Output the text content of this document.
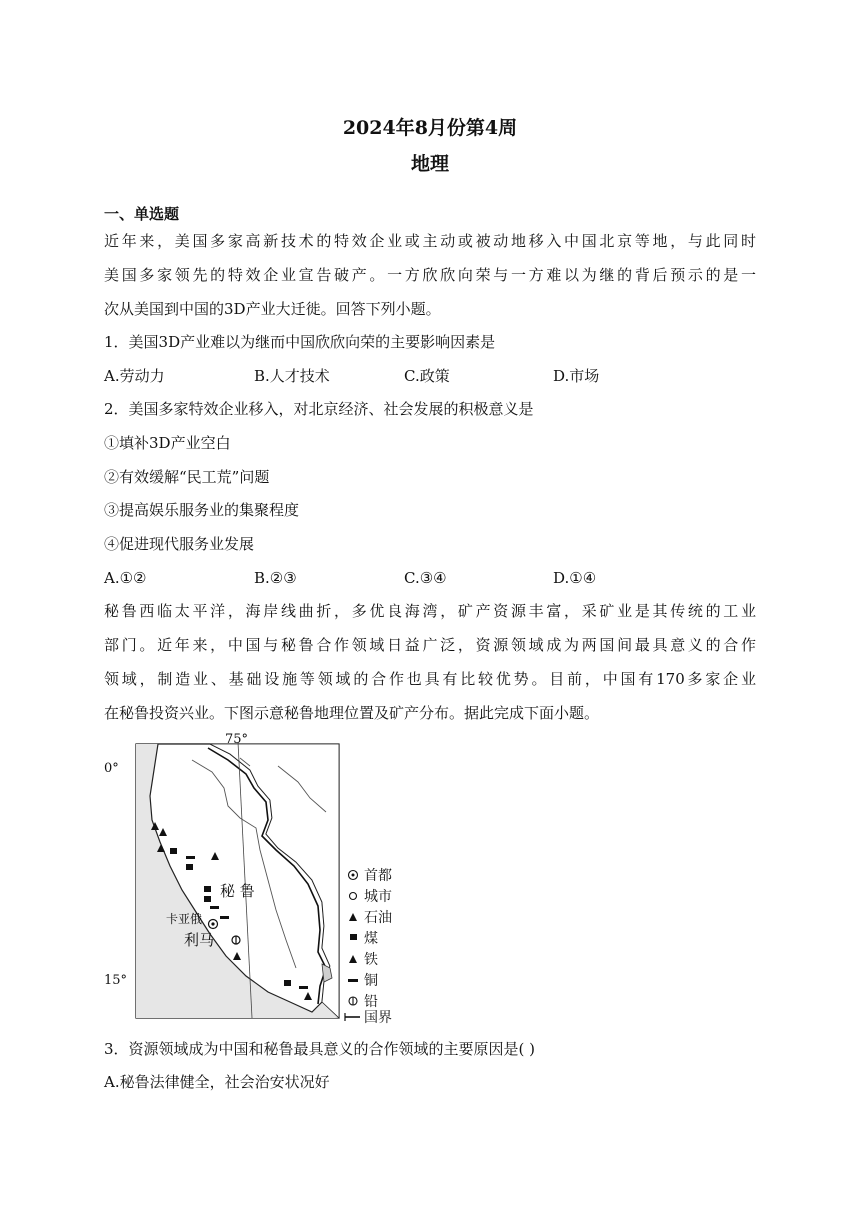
2024年8月份第4周
地理
一、单选题
近年来，美国多家高新技术的特效企业或主动或被动地移入中国北京等地，与此同时
美国多家领先的特效企业宣告破产。一方欣欣向荣与一方难以为继的背后预示的是一
次从美国到中国的3D产业大迁徙。回答下列小题。
1．美国3D产业难以为继而中国欣欣向荣的主要影响因素是
A.劳动力	B.人才技术	C.政策	D.市场
2．美国多家特效企业移入，对北京经济、社会发展的积极意义是
①填补3D产业空白
②有效缓解“民工荒”问题
③提高娱乐服务业的集聚程度
④促进现代服务业发展
A.①②	B.②③	C.③④	D.①④
秘鲁西临太平洋，海岸线曲折，多优良海湾，矿产资源丰富，采矿业是其传统的工业
部门。近年来，中国与秘鲁合作领域日益广泛，资源领域成为两国间最具意义的合作
领域，制造业、基础设施等领域的合作也具有比较优势。目前，中国有170多家企业
在秘鲁投资兴业。下图示意秘鲁地理位置及矿产分布。据此完成下面小题。
75°
0°
15°
秘 鲁
卡亚俄
利马
首都
城市
石油
煤
铁
铜
铅
国界
3．资源领域成为中国和秘鲁最具意义的合作领域的主要原因是( )
A.秘鲁法律健全，社会治安状况好
